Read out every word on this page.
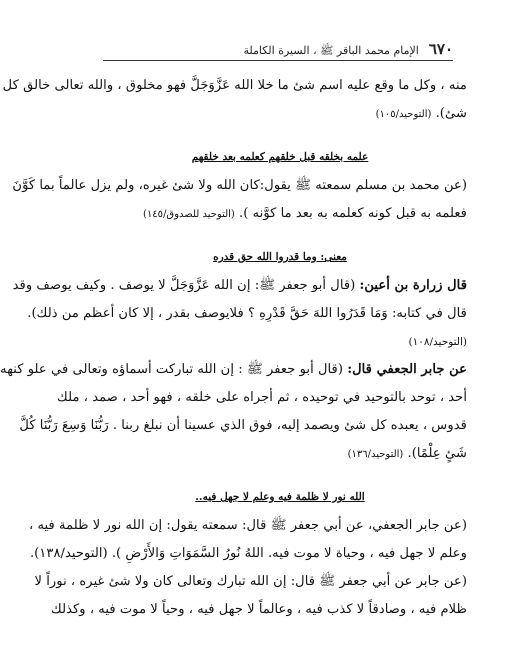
٦٧٠
الإمام محمد الباقر ﷺ ، السيرة الكاملة

منه ، وكل ما وقع عليه اسم شئ ما خلا الله عَزَّوَجَلَّ فهو مخلوق ، والله تعالى خالق كل

شئ). (التوحيد/١٠٥)

علمه بخلقه قبل خلقهم كعلمه بعد خلقهم

(عن محمد بن مسلم سمعته ﷺ يقول:كان الله ولا شئ غيره، ولم يزل عالماً بما كَوَّنَ

فعلمه به قبل كونه كعلمه به بعد ما كوَّنه ). (التوحيد للصدوق/١٤٥)

معنى: وما قدروا الله حق قدره

قال زرارة بن أعين: (قال أبو جعفر ﷺ: إن الله عَزَّوَجَلَّ لا يوصف . وكيف يوصف وقد

قال في كتابه: وَمَا قَدَرُوا اللهَ حَقَّ قَدْرِهِ ؟ فلايوصف بقدر ، إلا كان أعظم من ذلك).

(التوحيد/١٠٨)

عن جابر الجعفي قال: (قال أبو جعفر ﷺ : إن الله تباركت أسماؤه وتعالى في علو كنهه

أحد ، توحد بالتوحيد في توحيده ، ثم أجراه على خلقه ، فهو أحد ، صمد ، ملك

قدوس ، يعبده كل شئ ويصمد إليه، فوق الذي عسينا أن نبلغ ربنا . رَبُّنَا وَسِعَ رَبُّنَا كُلَّ

شَئٍ عِلْمًا). (التوحيد/١٣٦)

الله نور لا ظلمة فيه وعلم لا جهل فيه..

(عن جابر الجعفي، عن أبي جعفر ﷺ قال: سمعته يقول: إن الله نور لا ظلمة فيه ،

وعلم لا جهل فيه ، وحياة لا موت فيه. اللهُ نُورُ السَّمَوَاتِ وَالأَرْضِ ). (التوحيد/١٣٨).

(عن جابر عن أبي جعفر ﷺ قال: إن الله تبارك وتعالى كان ولا شئ غيره ، نوراً لا

ظلام فيه ، وصادقاً لا كذب فيه ، وعالماً لا جهل فيه ، وحياً لا موت فيه ، وكذلك
